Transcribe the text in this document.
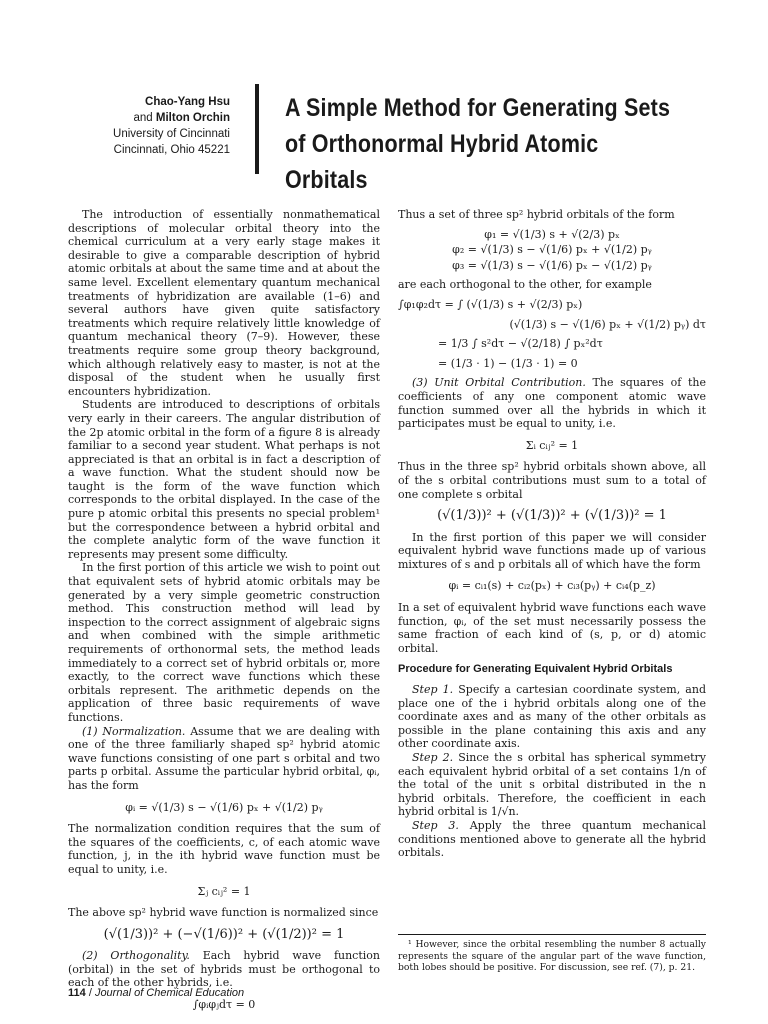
Chao-Yang Hsu
and Milton Orchin
University of Cincinnati
Cincinnati, Ohio 45221
A Simple Method for Generating Sets
of Orthonormal Hybrid Atomic Orbitals

The introduction of essentially nonmathematical descriptions of molecular orbital theory into the chemical curriculum at a very early stage makes it desirable to give a comparable description of hybrid atomic orbitals at about the same time and at about the same level. Excellent elementary quantum mechanical treatments of hybridization are available (1–6) and several authors have given quite satisfactory treatments which require relatively little knowledge of quantum mechanical theory (7–9). However, these treatments require some group theory background, which although relatively easy to master, is not at the disposal of the student when he usually first encounters hybridization.

Students are introduced to descriptions of orbitals very early in their careers. The angular distribution of the 2p atomic orbital in the form of a figure 8 is already familiar to a second year student. What perhaps is not appreciated is that an orbital is in fact a description of a wave function. What the student should now be taught is the form of the wave function which corresponds to the orbital displayed. In the case of the pure p atomic orbital this presents no special problem¹ but the correspondence between a hybrid orbital and the complete analytic form of the wave function it represents may present some difficulty.

In the first portion of this article we wish to point out that equivalent sets of hybrid atomic orbitals may be generated by a very simple geometric construction method. This construction method will lead by inspection to the correct assignment of algebraic signs and when combined with the simple arithmetic requirements of orthonormal sets, the method leads immediately to a correct set of hybrid orbitals or, more exactly, to the correct wave functions which these orbitals represent. The arithmetic depends on the application of three basic requirements of wave functions.

(1) Normalization. Assume that we are dealing with one of the three familiarly shaped sp² hybrid atomic wave functions consisting of one part s orbital and two parts p orbital. Assume the particular hybrid orbital, φᵢ, has the form

φᵢ = √(1/3) s − √(1/6) pₓ + √(1/2) pᵧ

The normalization condition requires that the sum of the squares of the coefficients, c, of each atomic wave function, j, in the ith hybrid wave function must be equal to unity, i.e.

Σⱼ cᵢⱼ² = 1

The above sp² hybrid wave function is normalized since

(√(1/3))² + (−√(1/6))² + (√(1/2))² = 1

(2) Orthogonality. Each hybrid wave function (orbital) in the set of hybrids must be orthogonal to each of the other hybrids, i.e.

∫φᵢφⱼdτ = 0

Thus a set of three sp² hybrid orbitals of the form

φ₁ = √(1/3) s + √(2/3) pₓ
φ₂ = √(1/3) s − √(1/6) pₓ + √(1/2) pᵧ
φ₃ = √(1/3) s − √(1/6) pₓ − √(1/2) pᵧ

are each orthogonal to the other, for example

∫φ₁φ₂dτ = ∫ (√(1/3) s + √(2/3) pₓ)
(√(1/3) s − √(1/6) pₓ + √(1/2) pᵧ) dτ
= 1/3 ∫ s²dτ − √(2/18) ∫ pₓ²dτ
= (1/3 · 1) − (1/3 · 1) = 0

(3) Unit Orbital Contribution. The squares of the coefficients of any one component atomic wave function summed over all the hybrids in which it participates must be equal to unity, i.e.

Σᵢ cᵢⱼ² = 1

Thus in the three sp² hybrid orbitals shown above, all of the s orbital contributions must sum to a total of one complete s orbital

(√(1/3))² + (√(1/3))² + (√(1/3))² = 1

In the first portion of this paper we will consider equivalent hybrid wave functions made up of various mixtures of s and p orbitals all of which have the form

φᵢ = cᵢ₁(s) + cᵢ₂(pₓ) + cᵢ₃(pᵧ) + cᵢ₄(p_z)

In a set of equivalent hybrid wave functions each wave function, φᵢ, of the set must necessarily possess the same fraction of each kind of (s, p, or d) atomic orbital.

Procedure for Generating Equivalent Hybrid Orbitals

Step 1. Specify a cartesian coordinate system, and place one of the i hybrid orbitals along one of the coordinate axes and as many of the other orbitals as possible in the plane containing this axis and any other coordinate axis.

Step 2. Since the s orbital has spherical symmetry each equivalent hybrid orbital of a set contains 1/n of the total of the unit s orbital distributed in the n hybrid orbitals. Therefore, the coefficient in each hybrid orbital is 1/√n.

Step 3. Apply the three quantum mechanical conditions mentioned above to generate all the hybrid orbitals.

¹ However, since the orbital resembling the number 8 actually represents the square of the angular part of the wave function, both lobes should be positive. For discussion, see ref. (7), p. 21.

114 / Journal of Chemical Education
